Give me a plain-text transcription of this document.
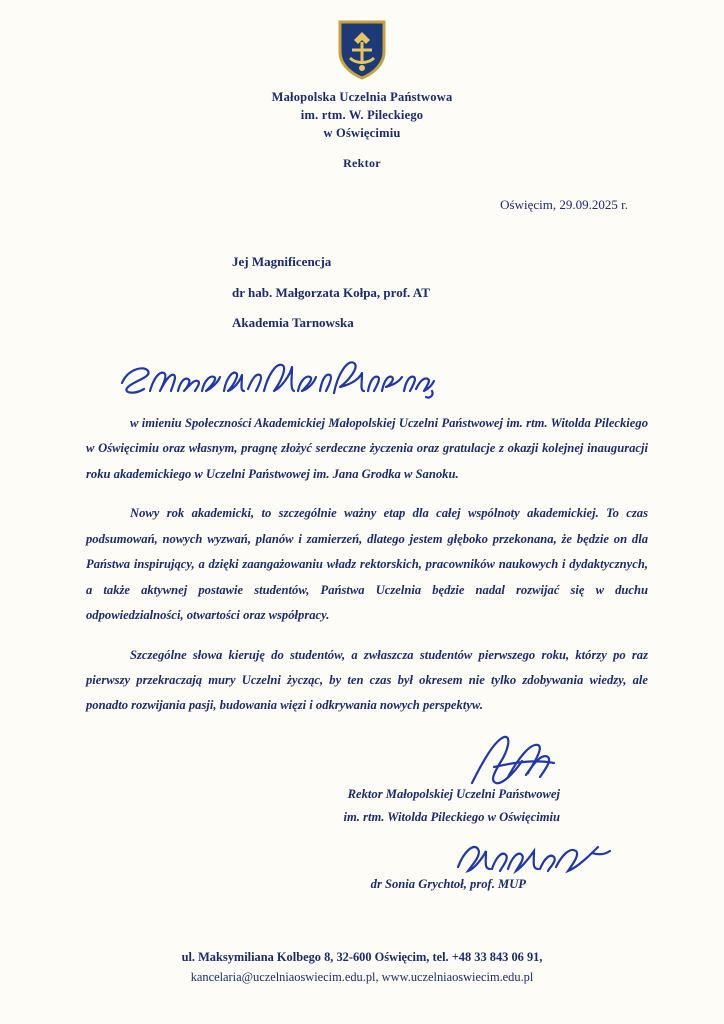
Małopolska Uczelnia Państwowa
im. rtm. W. Pileckiego
w Oświęcimiu
Rektor
Oświęcim, 29.09.2025 r.
Jej Magnificencja
dr hab. Małgorzata Kołpa, prof. AT
Akademia Tarnowska

w imieniu Społeczności Akademickiej Małopolskiej Uczelni Państwowej im. rtm. Witolda Pileckiego w Oświęcimiu oraz własnym, pragnę złożyć serdeczne życzenia oraz gratulacje z okazji kolejnej inauguracji roku akademickiego w Uczelni Państwowej im. Jana Grodka w Sanoku.

Nowy rok akademicki, to szczególnie ważny etap dla całej wspólnoty akademickiej. To czas podsumowań, nowych wyzwań, planów i zamierzeń, dlatego jestem głęboko przekonana, że będzie on dla Państwa inspirujący, a dzięki zaangażowaniu władz rektorskich, pracowników naukowych i dydaktycznych, a także aktywnej postawie studentów, Państwa Uczelnia będzie nadal rozwijać się w duchu odpowiedzialności, otwartości oraz współpracy.

Szczególne słowa kieruję do studentów, a zwłaszcza studentów pierwszego roku, którzy po raz pierwszy przekraczają mury Uczelni życząc, by ten czas był okresem nie tylko zdobywania wiedzy, ale ponadto rozwijania pasji, budowania więzi i odkrywania nowych perspektyw.

Rektor Małopolskiej Uczelni Państwowej
im. rtm. Witolda Pileckiego w Oświęcimiu
dr Sonia Grychtoł, prof. MUP
ul. Maksymiliana Kolbego 8, 32-600 Oświęcim, tel. +48 33 843 06 91,
kancelaria@uczelniaoswiecim.edu.pl, www.uczelniaoswiecim.edu.pl
